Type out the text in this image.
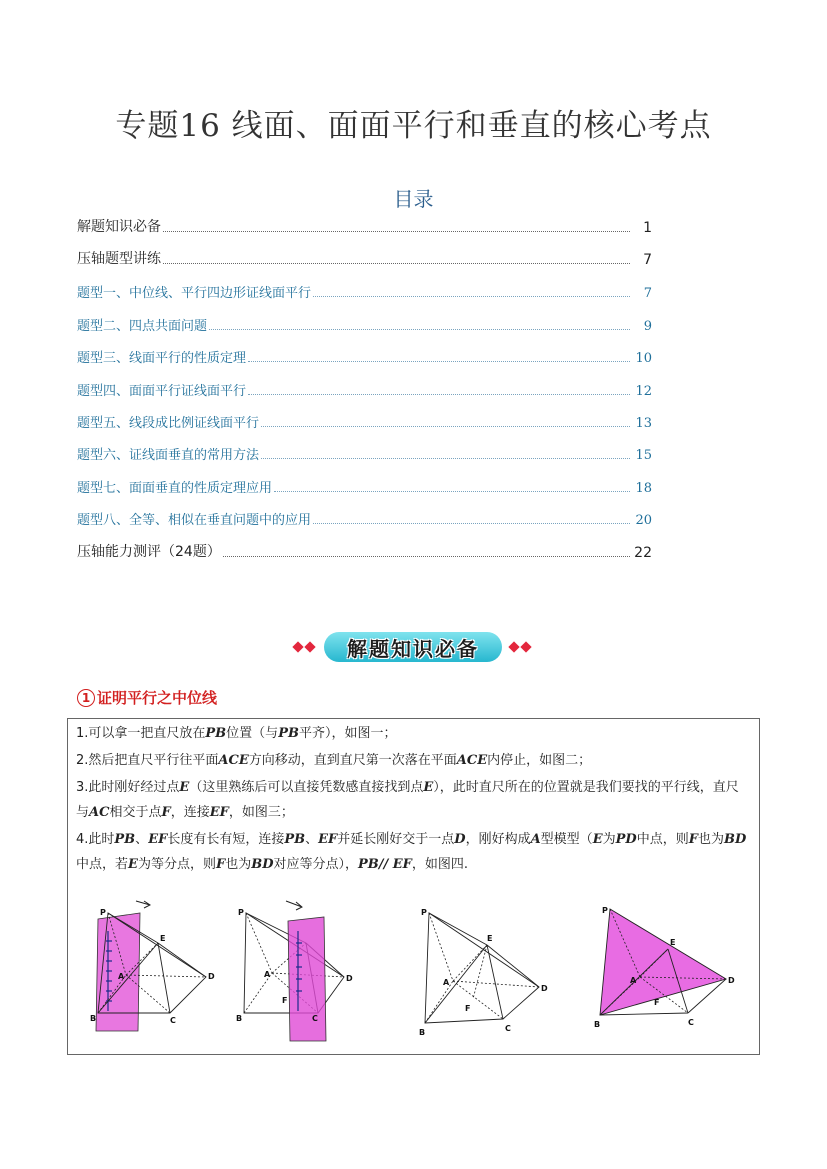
专题16 线面、面面平行和垂直的核心考点
目录
解题知识必备	1
压轴题型讲练	7
题型一、中位线、平行四边形证线面平行	7
题型二、四点共面问题	9
题型三、线面平行的性质定理	10
题型四、面面平行证线面平行	12
题型五、线段成比例证线面平行	13
题型六、证线面垂直的常用方法	15
题型七、面面垂直的性质定理应用	18
题型八、全等、相似在垂直问题中的应用	20
压轴能力测评（24题）	22
解题知识必备
1 证明平行之中位线

1.可以拿一把直尺放在PB位置（与PB平齐），如图一；

2.然后把直尺平行往平面ACE方向移动，直到直尺第一次落在平面ACE内停止，如图二；

3.此时刚好经过点E（这里熟练后可以直接凭数感直接找到点E），此时直尺所在的位置就是我们要找的平行线，直尺与AC相交于点F，连接EF，如图三；

4.此时PB、EF长度有长有短，连接PB、EF并延长刚好交于一点D，刚好构成A型模型（E为PD中点，则F也为BD中点，若E为等分点，则F也为BD对应等分点），PB// EF，如图四.

P
E
A	D
B	C
P
A	D
F
B	C
P
E
A
D
F
B	C
P
E
A	D
F
B	C
